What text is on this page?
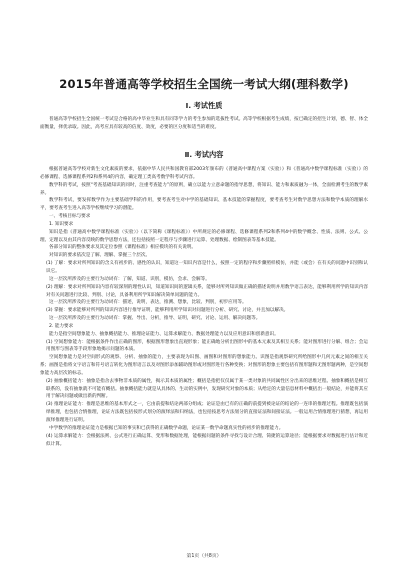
2015年普通高等学校招生全国统一考试大纲(理科数学)
Ⅰ. 考试性质

普通高等学校招生全国统一考试是合格的高中毕业生和具有同等学力的考生参加的选拔性考试。高等学校根据考生成绩，按已确定的招生计划，德、智、体全面衡量，择优录取。因此，高考应具有较高的信度、效度，必要的区分度和适当的难度。

Ⅱ. 考试内容

根据普通高等学校对新生文化素质的要求，依据中华人民共和国教育部2003年颁布的《普通高中课程方案（实验）》和《普通高中数学课程标准（实验）》的必修课程、选修课程系列2和系列4的内容，确定理工类高考数学科考试内容。

数学科的考试，按照“考查基础知识的同时，注重考查能力”的原则，确立以能力立意命题的指导思想，将知识、能力和素质融为一体，全面检测考生的数学素养。

数学科考试，要发挥数学作为主要基础学科的作用，要考查考生对中学的基础知识、基本技能的掌握程度，要考查考生对数学思想方法和数学本质的理解水平，要考查考生进入高等学校继续学习的潜能。

一、考核目标与要求

1. 知识要求

知识是指《普通高中数学课程标准（实验）》（以下简称《课程标准》）中所规定的必修课程、选修课程系列2和系列4中的数学概念、性质、法则、公式、公理、定理以及由其内容反映的数学思想方法，还包括按照一定程序与步骤进行运算、处理数据、绘制图表等基本技能。

各部分知识的整体要求及其定位参照《课程标准》相应模块的有关说明。

对知识的要求依次是了解、理解、掌握三个层次。

(1) 了解：要求对所列知识的含义有初步的、感性的认识，知道这一知识内容是什么，按照一定的程序和步骤照样模仿，并能（或会）在有关的问题中识别和认识它。

这一层次所涉及的主要行为动词有：了解，知道、识别，模仿，会求、会解等。

(2) 理解：要求对所列知识内容有较深刻的理性认识，知道知识间的逻辑关系，能够对所列知识做正确的描述说明并用数学语言表达，能够利用所学的知识内容对有关问题进行比较、判别、讨论，具备利用所学知识解决简单问题的能力。

这一层次所涉及的主要行为动词有：描述，说明，表达，推测、想象，比较、判别，初步应用等。

(3) 掌握：要求能够对所列的知识内容进行推导证明，能够利用所学知识对问题进行分析、研究、讨论，并且加以解决。

这一层次所涉及的主要行为动词有：掌握、导出、分析，推导、证明，研究、讨论、运用、解决问题等。

2. 能力要求

能力是指空间想象能力、抽象概括能力、推理论证能力、运算求解能力、数据处理能力以及应用意识和创新意识。

(1) 空间想象能力：能根据条件作出正确的图形，根据图形想象出直观形象；能正确地分析出图形中的基本元素及其相互关系；能对图形进行分解、组合；会运用图形与图表等手段形象地揭示问题的本质。

空间想象能力是对空间形式的观察、分析、抽象的能力，主要表现为识图、画图和对图形的想象能力。识图是指观察研究所给图形中几何元素之间的相互关系；画图是指将文字语言和符号语言转化为图形语言以及对图形添加辅助图形或对图形进行各种变换；对图形的想象主要包括有图形题和无图形题两种，是空间想象能力高层次的标志。

(2) 抽象概括能力：抽象是指舍去事物非本质的属性，揭示其本质的属性；概括是指把仅仅属于某一类对象的共同属性区分出来的思维过程。抽象和概括是相互联系的，没有抽象就不可能有概括。抽象概括能力就是从具体的、生动的实例中，发现研究对象的本质；从给定的大量信息材料中概括出一般结论，并能将其应用于解决问题或做出新的判断。

(3) 推理论证能力：推理是思维的基本形式之一，它由前提和结论两部分组成；论证是由已有的正确的前提到被论证的结论的一连串的推理过程。推理既包括演绎推理，也包括合情推理，论证方法既包括按形式划分的演绎法和归纳法，也包括按思考方法划分的直接证法和间接证法。一般运用合情推理进行猜想，再运用演绎推理进行证明。

中学数学的推理论证能力是根据已知的事实和已获得的正确数学命题，论证某一数学命题真实性的初步的推理能力。

(4) 运算求解能力：会根据法则、公式进行正确运算、变形和数据处理，能根据问题的条件寻找与设计合理、简捷的运算途径；能根据要求对数据进行估计和近似计算。

第1页（共8页）
